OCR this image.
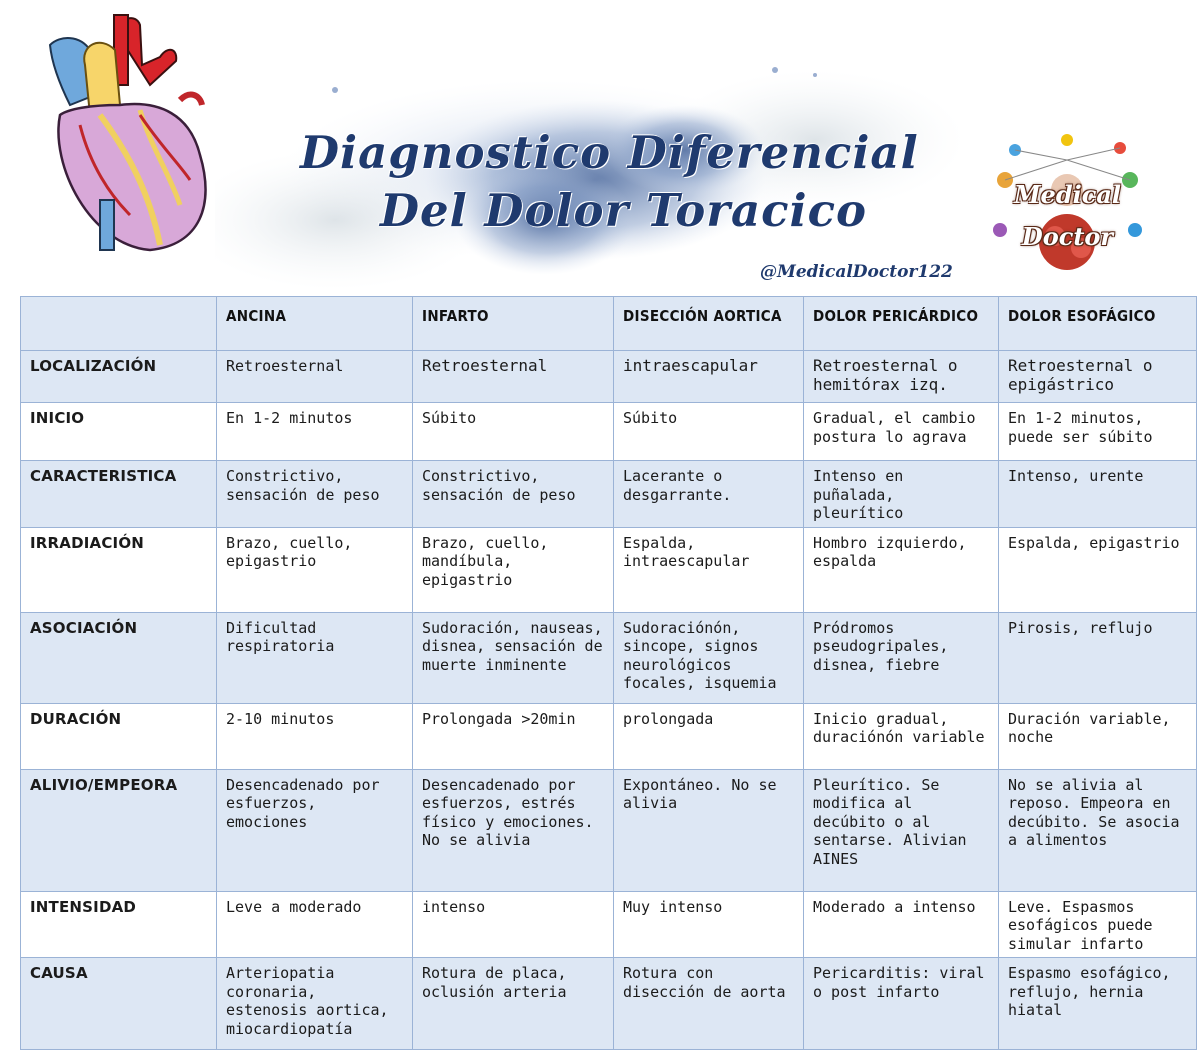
Diagnostico Diferencial
Del Dolor Toracico
@MedicalDoctor122
Medical
Doctor
	ANCINA	INFARTO	DISECCIÓN AORTICA	DOLOR PERICÁRDICO	DOLOR ESOFÁGICO
LOCALIZACIÓN	Retroesternal	Retroesternal	intraescapular	Retroesternal o hemitórax izq.	Retroesternal o epigástrico
INICIO	En 1-2 minutos	Súbito	Súbito	Gradual, el cambio postura lo agrava	En 1-2 minutos, puede ser súbito
CARACTERISTICA	Constrictivo, sensación de peso	Constrictivo, sensación de peso	Lacerante o desgarrante.	Intenso en puñalada, pleurítico	Intenso, urente
IRRADIACIÓN	Brazo, cuello, epigastrio	Brazo, cuello, mandíbula, epigastrio	Espalda, intraescapular	Hombro izquierdo, espalda	Espalda, epigastrio
ASOCIACIÓN	Dificultad respiratoria	Sudoración, nauseas, disnea, sensación de muerte inminente	Sudoraciónón, sincope, signos neurológicos focales, isquemia	Pródromos pseudogripales, disnea, fiebre	Pirosis, reflujo
DURACIÓN	2-10 minutos	Prolongada >20min	prolongada	Inicio gradual, duraciónón variable	Duración variable, noche
ALIVIO/EMPEORA	Desencadenado por esfuerzos, emociones	Desencadenado por esfuerzos, estrés físico y emociones. No se alivia	Expontáneo. No se alivia	Pleurítico. Se modifica al decúbito o al sentarse. Alivian AINES	No se alivia al reposo. Empeora en decúbito. Se asocia a alimentos
INTENSIDAD	Leve a moderado	intenso	Muy intenso	Moderado a intenso	Leve. Espasmos esofágicos puede simular infarto
CAUSA	Arteriopatia coronaria, estenosis aortica, miocardiopatía	Rotura de placa, oclusión arteria	Rotura con disección de aorta	Pericarditis: viral o post infarto	Espasmo esofágico, reflujo, hernia hiatal
